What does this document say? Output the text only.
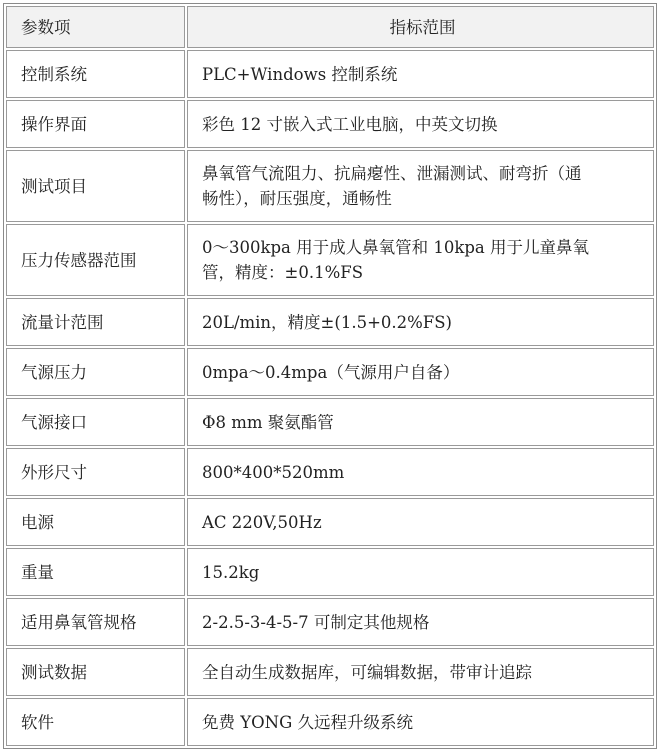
参数项	指标范围
控制系统	PLC+Windows 控制系统
操作界面	彩色 12 寸嵌入式工业电脑，中英文切换
测试项目	鼻氧管气流阻力、抗扁瘪性、泄漏测试、耐弯折（通
畅性），耐压强度，通畅性

压力传感器范围	0～300kpa 用于成人鼻氧管和 10kpa 用于儿童鼻氧
管，精度：±0.1%FS

流量计范围	20L/min，精度±(1.5+0.2%FS)
气源压力	0mpa～0.4mpa（气源用户自备）
气源接口	Φ8 mm 聚氨酯管
外形尺寸	800*400*520mm
电源	AC 220V,50Hz
重量	15.2kg
适用鼻氧管规格	2-2.5-3-4-5-7 可制定其他规格
测试数据	全自动生成数据库，可编辑数据，带审计追踪
软件	免费 YONG 久远程升级系统
